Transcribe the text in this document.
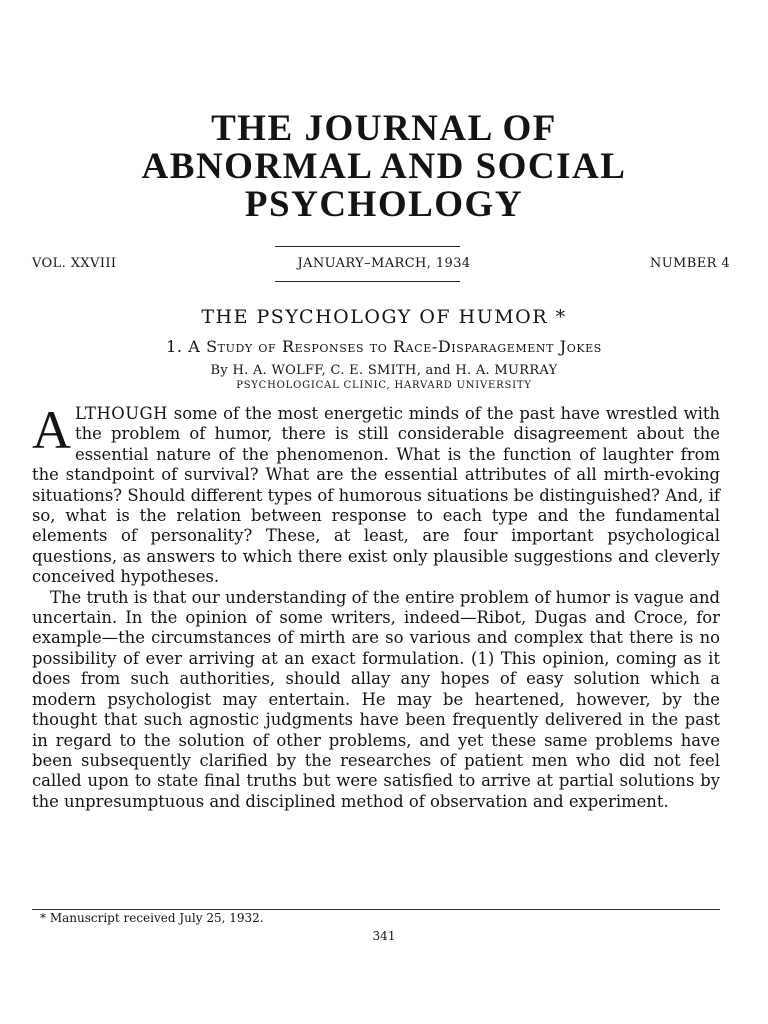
THE JOURNAL OF
ABNORMAL AND SOCIAL
PSYCHOLOGY
VOL. XXVIII	JANUARY–MARCH, 1934	NUMBER 4
THE PSYCHOLOGY OF HUMOR *
1. A Study of Responses to Race-Disparagement Jokes
By H. A. WOLFF, C. E. SMITH, and H. A. MURRAY
PSYCHOLOGICAL CLINIC, HARVARD UNIVERSITY

ALTHOUGH some of the most energetic minds of the past have wrestled with the problem of humor, there is still considerable disagreement about the essential nature of the phenomenon. What is the function of laughter from the standpoint of survival? What are the essential attributes of all mirth-evoking situations? Should different types of humorous situations be distinguished? And, if so, what is the relation between response to each type and the fundamental elements of personality? These, at least, are four important psychological questions, as answers to which there exist only plausible suggestions and cleverly conceived hypotheses.

The truth is that our understanding of the entire problem of humor is vague and uncertain. In the opinion of some writers, indeed—Ribot, Dugas and Croce, for example—the circumstances of mirth are so various and complex that there is no possibility of ever arriving at an exact formulation. (1) This opinion, coming as it does from such authorities, should allay any hopes of easy solution which a modern psychologist may entertain. He may be heartened, however, by the thought that such agnostic judgments have been frequently delivered in the past in regard to the solution of other problems, and yet these same problems have been subsequently clarified by the researches of patient men who did not feel called upon to state final truths but were satisfied to arrive at partial solutions by the unpresumptuous and disciplined method of observation and experiment.

* Manuscript received July 25, 1932.
341
